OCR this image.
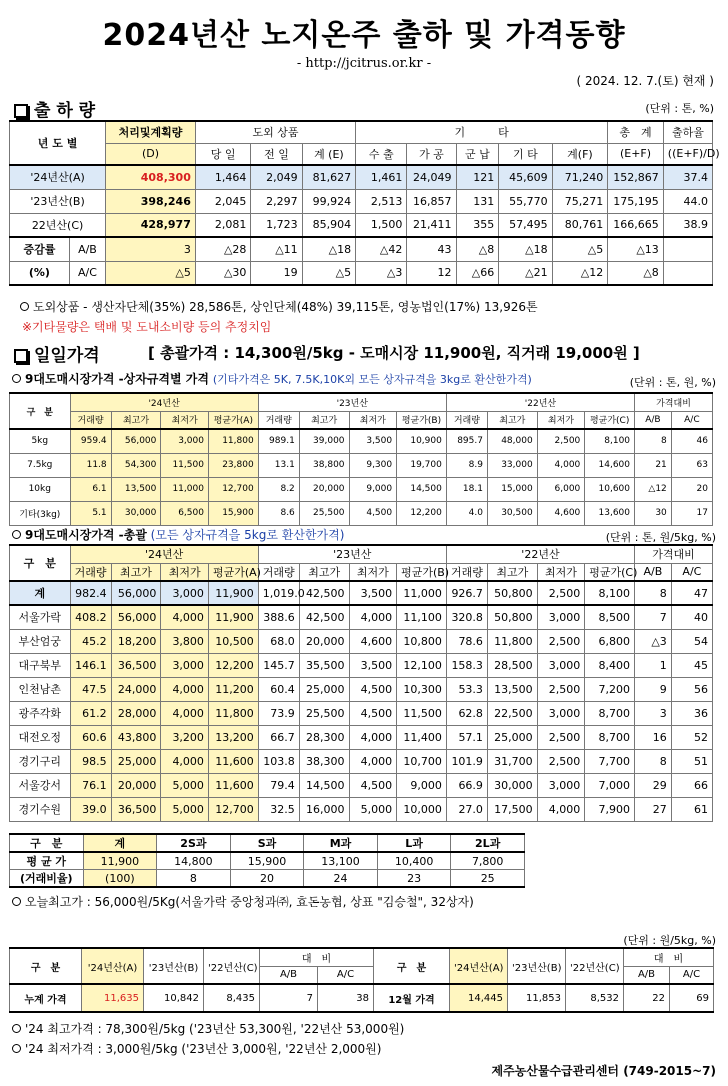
2024년산 노지온주 출하 및 가격동향
- http://jcitrus.or.kr -
( 2024. 12. 7.(토) 현재 )
출 하 량	(단위 : 톤, %)
년 도 별		처리및계획량	도외 상품			기　　　타					총　계	출하율
		(D)	당 일	전 일	계 (E)	수 출	가 공	군 납	기 타	계(F)	(E+F)	((E+F)/D)
'24년산(A)		408,300	1,464	2,049	81,627	1,461	24,049	121	45,609	71,240	152,867	37.4
'23년산(B)		398,246	2,045	2,297	99,924	2,513	16,857	131	55,770	75,271	175,195	44.0
22년산(C)		428,977	2,081	1,723	85,904	1,500	21,411	355	57,495	80,761	166,665	38.9
증감률	A/B	3	△28	△11	△18	△42	43	△8	△18	△5	△13	
(%)	A/C	△5	△30	19	△5	△3	12	△66	△21	△12	△8	
도외상품 - 생산자단체(35%) 28,586톤, 상인단체(48%) 39,115톤, 영농법인(17%) 13,926톤
※기타물량은 택배 및 도내소비량 등의 추정치임
일일가격	[ 총괄가격 : 14,300원/5kg - 도매시장 11,900원, 직거래 19,000원 ]
9대도매시장가격 -상자규격별 가격 (기타가격은 5K, 7.5K,10K외 모든 상자규격을 3kg로 환산한가격)	(단위 : 톤, 원, %)
구　분	'24년산				'23년산				'22년산				가격대비	
	거래량	최고가	최저가	평균가(A)	거래량	최고가	최저가	평균가(B)	거래량	최고가	최저가	평균가(C)	A/B	A/C
5kg	959.4	56,000	3,000	11,800	989.1	39,000	3,500	10,900	895.7	48,000	2,500	8,100	8	46
7.5kg	11.8	54,300	11,500	23,800	13.1	38,800	9,300	19,700	8.9	33,000	4,000	14,600	21	63
10kg	6.1	13,500	11,000	12,700	8.2	20,000	9,000	14,500	18.1	15,000	6,000	10,600	△12	20
기타(3kg)	5.1	30,000	6,500	15,900	8.6	25,500	4,500	12,200	4.0	30,500	4,600	13,600	30	17
9대도매시장가격 -총괄 (모든 상자규격을 5kg로 환산한가격)	(단위 : 톤, 원/5kg, %)
구　분	'24년산				'23년산				'22년산				가격대비	
	거래량	최고가	최저가	평균가(A)	거래량	최고가	최저가	평균가(B)	거래량	최고가	최저가	평균가(C)	A/B	A/C
계	982.4	56,000	3,000	11,900	1,019.0	42,500	3,500	11,000	926.7	50,800	2,500	8,100	8	47
서울가락	408.2	56,000	4,000	11,900	388.6	42,500	4,000	11,100	320.8	50,800	3,000	8,500	7	40
부산엄궁	45.2	18,200	3,800	10,500	68.0	20,000	4,600	10,800	78.6	11,800	2,500	6,800	△3	54
대구북부	146.1	36,500	3,000	12,200	145.7	35,500	3,500	12,100	158.3	28,500	3,000	8,400	1	45
인천남촌	47.5	24,000	4,000	11,200	60.4	25,000	4,500	10,300	53.3	13,500	2,500	7,200	9	56
광주각화	61.2	28,000	4,000	11,800	73.9	25,500	4,500	11,500	62.8	22,500	3,000	8,700	3	36
대전오정	60.6	43,800	3,200	13,200	66.7	28,300	4,000	11,400	57.1	25,000	2,500	8,700	16	52
경기구리	98.5	25,000	4,000	11,600	103.8	38,300	4,000	10,700	101.9	31,700	2,500	7,700	8	51
서울강서	76.1	20,000	5,000	11,600	79.4	14,500	4,500	9,000	66.9	30,000	3,000	7,000	29	66
경기수원	39.0	36,500	5,000	12,700	32.5	16,000	5,000	10,000	27.0	17,500	4,000	7,900	27	61
구　분	계	2S과	S과	M과	L과	2L과
평 균 가	11,900	14,800	15,900	13,100	10,400	7,800
(거래비율)	(100)	8	20	24	23	25
오늘최고가 : 56,000원/5Kg(서울가락 중앙청과㈜, 효돈농협, 상표 "김승철", 32상자)
(단위 : 원/5kg, %)
구　분	'24년산(A)	'23년산(B)	'22년산(C)	대　비		구　분	'24년산(A)	'23년산(B)	'22년산(C)	대　비	
				A/B	A/C					A/B	A/C
누계 가격	11,635	10,842	8,435	7	38	12월 가격	14,445	11,853	8,532	22	69
'24 최고가격 : 78,300원/5kg ('23년산 53,300원, '22년산 53,000원)
'24 최저가격 : 3,000원/5kg ('23년산 3,000원, '22년산 2,000원)
제주농산물수급관리센터 (749-2015~7)
